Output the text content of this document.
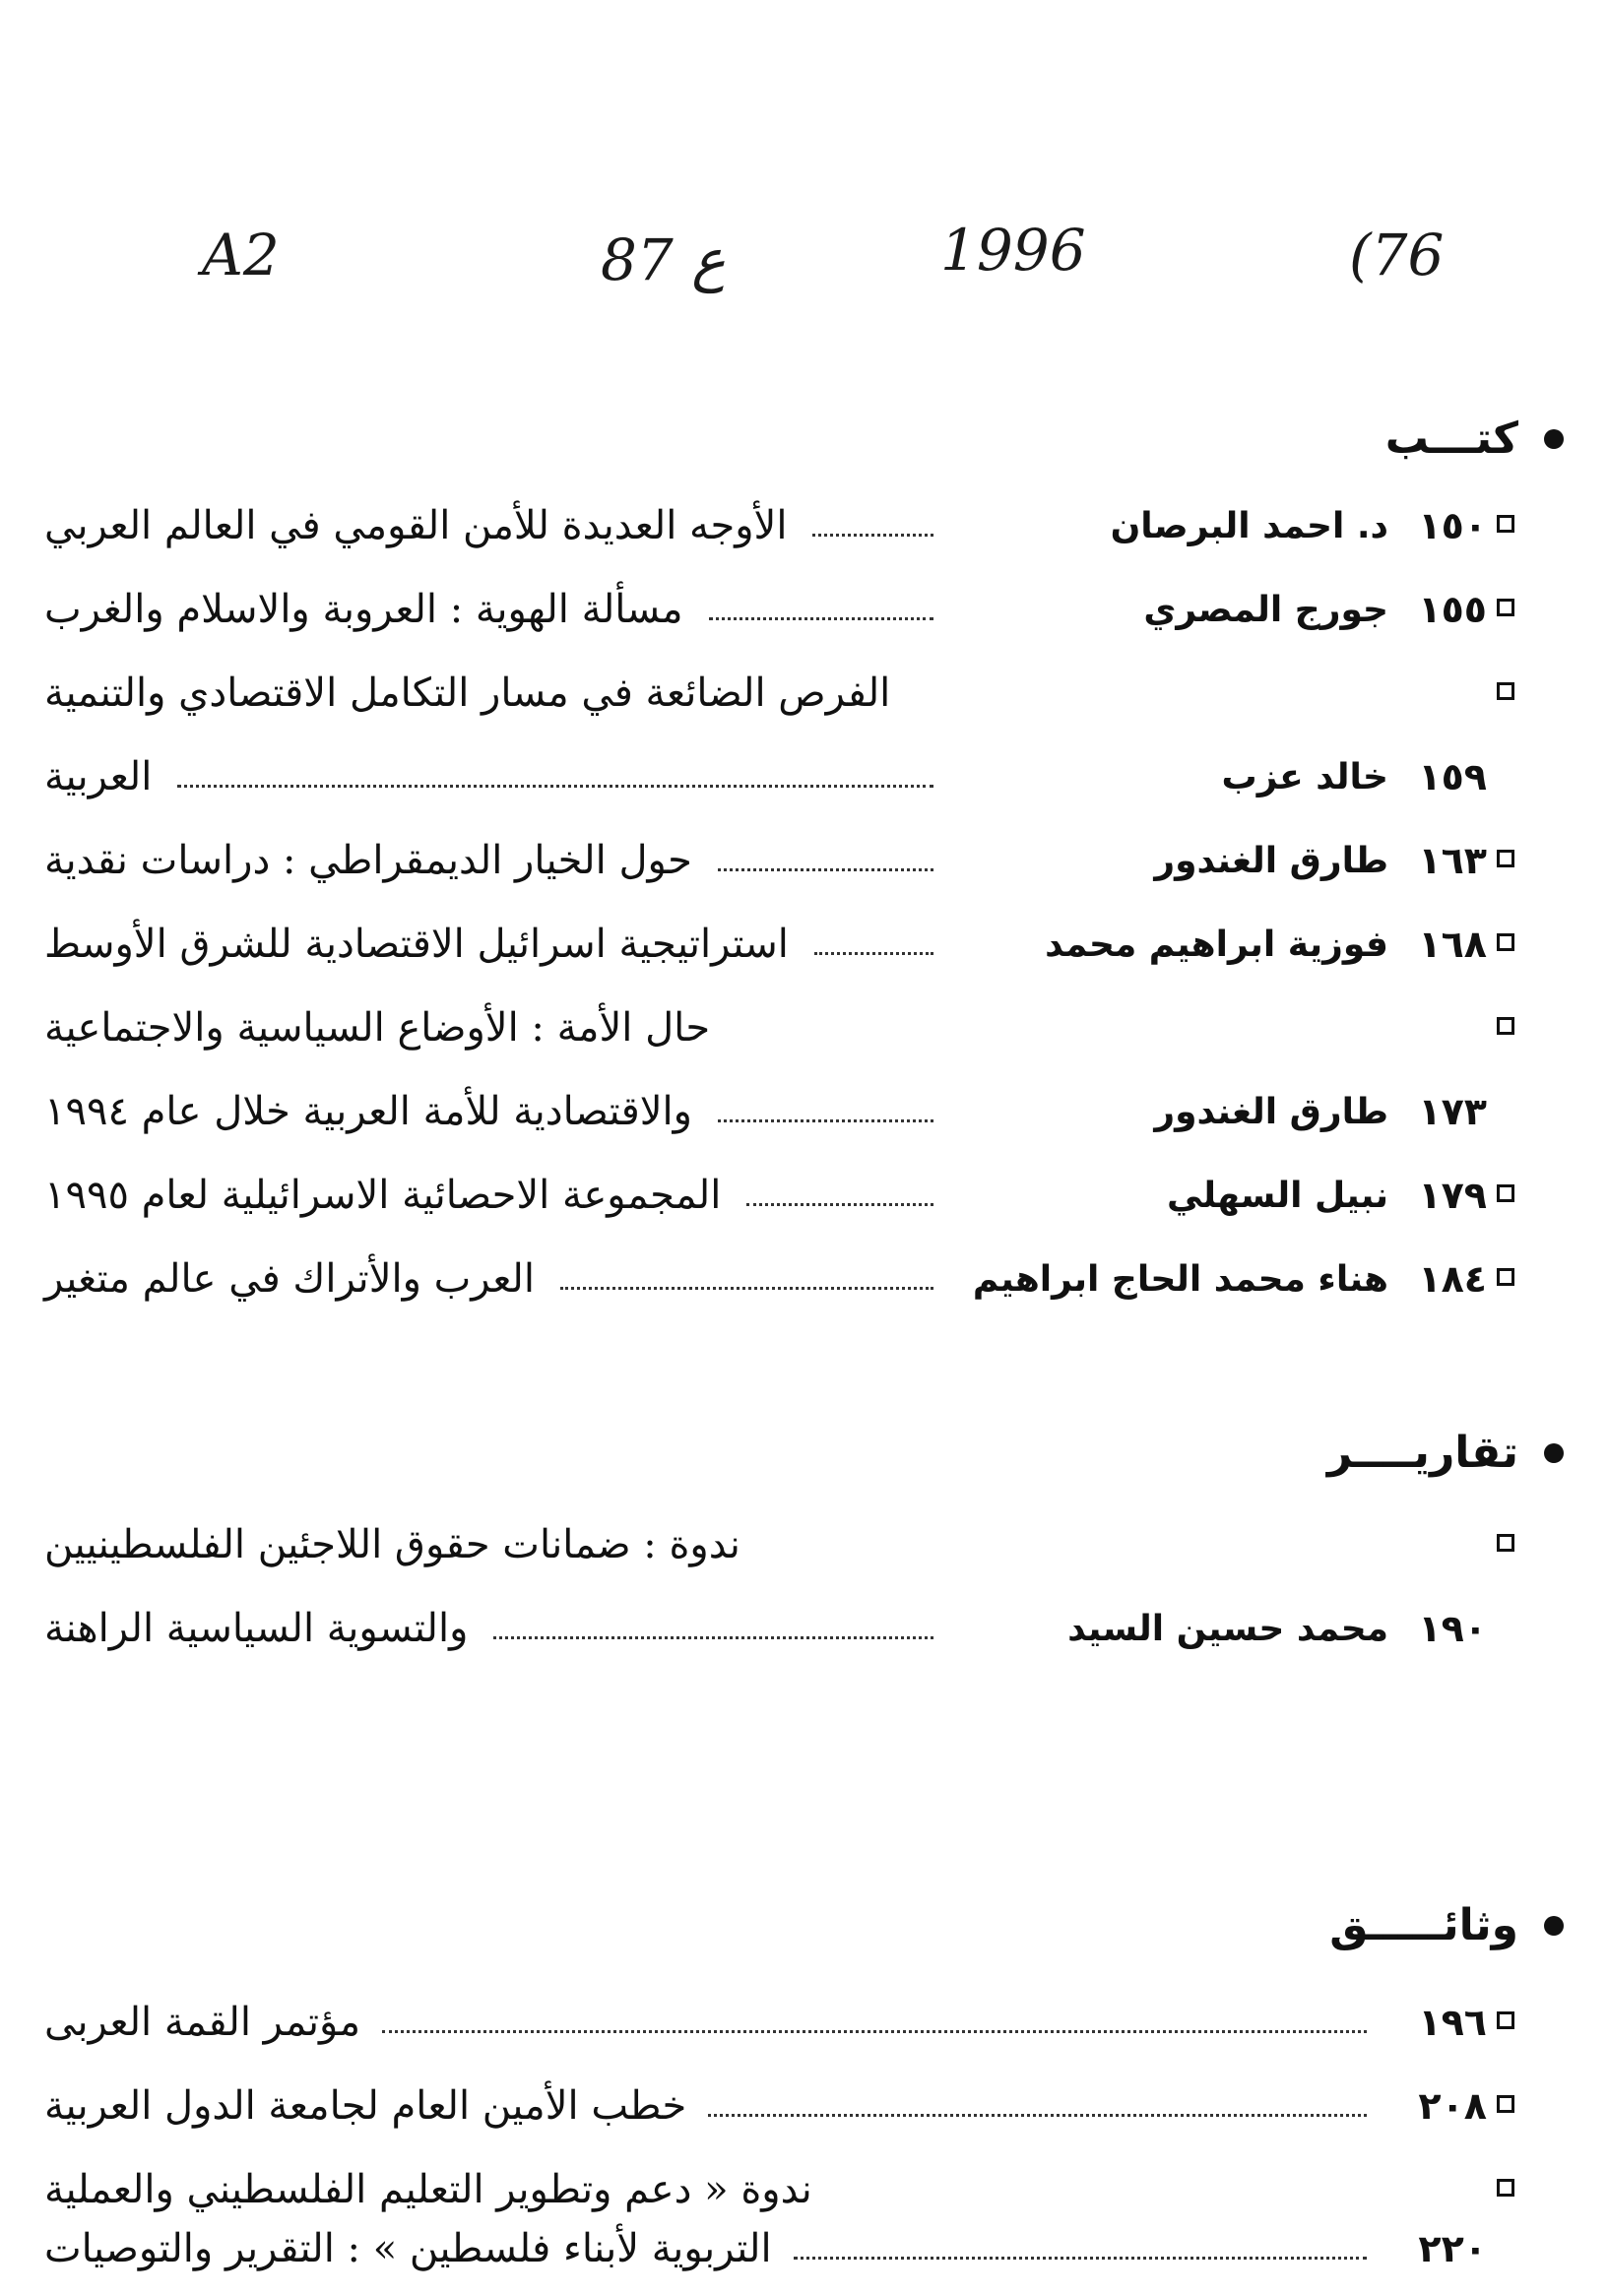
A2	87 ع	1996	(76
كتـــب
الأوجه العديدة للأمن القومي في العالم العربي	د. احمد البرصان ١٥٠
مسألة الهوية : العروبة والاسلام والغرب	جورج المصري ١٥٥
الفرص الضائعة في مسار التكامل الاقتصادي والتنمية
العربية	خالد عزب ١٥٩
حول الخيار الديمقراطي : دراسات نقدية	طارق الغندور ١٦٣
استراتيجية اسرائيل الاقتصادية للشرق الأوسط	فوزية ابراهيم محمد ١٦٨
حال الأمة : الأوضاع السياسية والاجتماعية
والاقتصادية للأمة العربية خلال عام ١٩٩٤	طارق الغندور ١٧٣
المجموعة الاحصائية الاسرائيلية لعام ١٩٩٥	نبيل السهلي ١٧٩
العرب والأتراك في عالم متغير	هناء محمد الحاج ابراهيم ١٨٤
تقاريــــر
ندوة : ضمانات حقوق اللاجئين الفلسطينيين
والتسوية السياسية الراهنة	محمد حسين السيد ١٩٠
وثائـــــق
مؤتمر القمة العربى	١٩٦
خطب الأمين العام لجامعة الدول العربية	٢٠٨
ندوة « دعم وتطوير التعليم الفلسطيني والعملية
التربوية لأبناء فلسطين » : التقرير والتوصيات	٢٢٠
